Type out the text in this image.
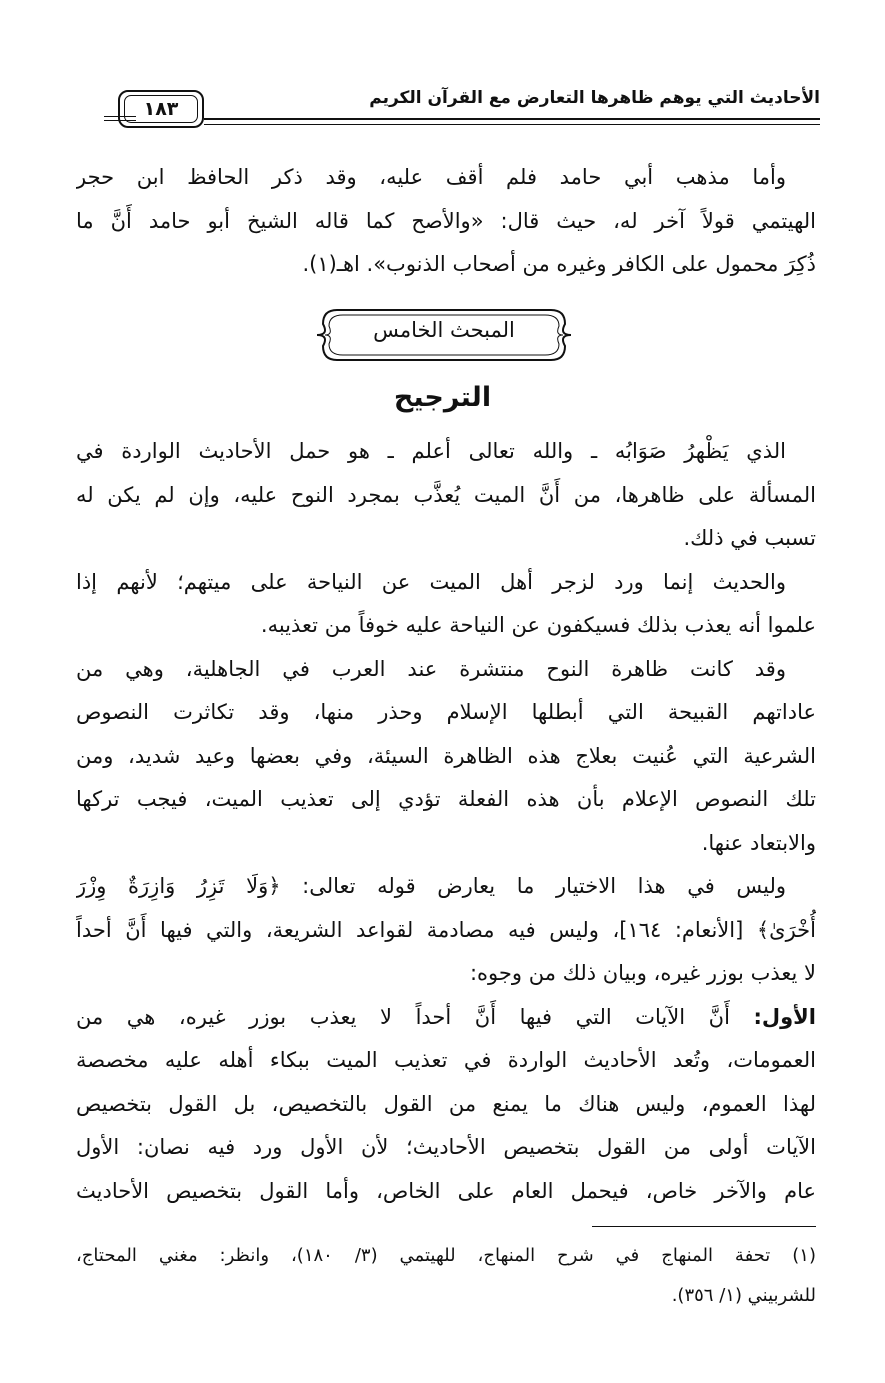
الأحاديث التي يوهم ظاهرها التعارض مع القرآن الكريم
١٨٣
وأما مذهب أبي حامد فلم أقف عليه، وقد ذكر الحافظ ابن حجر
الهيتمي قولاً آخر له، حيث قال: «والأصح كما قاله الشيخ أبو حامد أَنَّ ما
ذُكِرَ محمول على الكافر وغيره من أصحاب الذنوب». اهـ(١).
المبحث الخامس
الترجيح
الذي يَظْهرُ صَوَابُه ـ والله تعالى أعلم ـ هو حمل الأحاديث الواردة في
المسألة على ظاهرها، من أَنَّ الميت يُعذَّب بمجرد النوح عليه، وإن لم يكن له
تسبب في ذلك.
والحديث إنما ورد لزجر أهل الميت عن النياحة على ميتهم؛ لأنهم إذا
علموا أنه يعذب بذلك فسيكفون عن النياحة عليه خوفاً من تعذيبه.
وقد كانت ظاهرة النوح منتشرة عند العرب في الجاهلية، وهي من
عاداتهم القبيحة التي أبطلها الإسلام وحذر منها، وقد تكاثرت النصوص
الشرعية التي عُنيت بعلاج هذه الظاهرة السيئة، وفي بعضها وعيد شديد، ومن
تلك النصوص الإعلام بأن هذه الفعلة تؤدي إلى تعذيب الميت، فيجب تركها
والابتعاد عنها.
وليس في هذا الاختيار ما يعارض قوله تعالى: ﴿وَلَا تَزِرُ وَازِرَةٌ وِزْرَ
أُخْرَىٰ﴾ [الأنعام: ١٦٤]، وليس فيه مصادمة لقواعد الشريعة، والتي فيها أَنَّ أحداً
لا يعذب بوزر غيره، وبيان ذلك من وجوه:
الأول: أَنَّ الآيات التي فيها أَنَّ أحداً لا يعذب بوزر غيره، هي من
العمومات، وتُعد الأحاديث الواردة في تعذيب الميت ببكاء أهله عليه مخصصة
لهذا العموم، وليس هناك ما يمنع من القول بالتخصيص، بل القول بتخصيص
الآيات أولى من القول بتخصيص الأحاديث؛ لأن الأول ورد فيه نصان: الأول
عام والآخر خاص، فيحمل العام على الخاص، وأما القول بتخصيص الأحاديث
(١) تحفة المنهاج في شرح المنهاج، للهيتمي (٣/ ١٨٠)، وانظر: مغني المحتاج،
للشربيني (١/ ٣٥٦).
